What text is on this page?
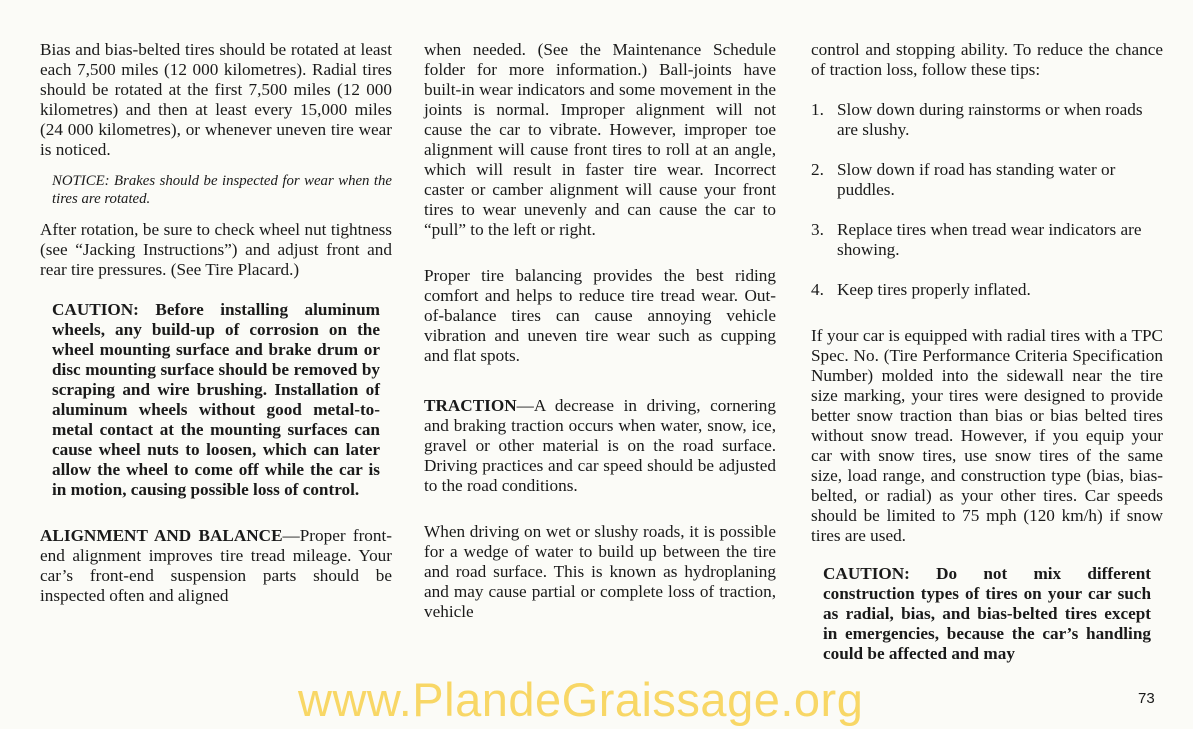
Bias and bias-belted tires should be rotated at least each 7,500 miles (12 000 kilometres). Radial tires should be rotated at the first 7,500 miles (12 000 kilometres) and then at least every 15,000 miles (24 000 kilometres), or whenever uneven tire wear is noticed.

NOTICE: Brakes should be inspected for wear when the tires are rotated.

After rotation, be sure to check wheel nut tightness (see “Jacking Instructions”) and adjust front and rear tire pressures. (See Tire Placard.)

CAUTION: Before installing aluminum wheels, any build-up of corrosion on the wheel mounting surface and brake drum or disc mounting surface should be removed by scraping and wire brushing. Installation of aluminum wheels without good metal-to-metal contact at the mounting surfaces can cause wheel nuts to loosen, which can later allow the wheel to come off while the car is in motion, causing possible loss of control.

ALIGNMENT AND BALANCE—Proper front-end alignment improves tire tread mileage. Your car’s front-end suspension parts should be inspected often and aligned

when needed. (See the Maintenance Schedule folder for more information.) Ball-joints have built-in wear indicators and some movement in the joints is normal. Improper alignment will not cause the car to vibrate. However, improper toe alignment will cause front tires to roll at an angle, which will result in faster tire wear. Incorrect caster or camber alignment will cause your front tires to wear unevenly and can cause the car to “pull” to the left or right.

Proper tire balancing provides the best riding comfort and helps to reduce tire tread wear. Out-of-balance tires can cause annoying vehicle vibration and uneven tire wear such as cupping and flat spots.

TRACTION—A decrease in driving, cornering and braking traction occurs when water, snow, ice, gravel or other material is on the road surface. Driving practices and car speed should be adjusted to the road conditions.

When driving on wet or slushy roads, it is possible for a wedge of water to build up between the tire and road surface. This is known as hydroplaning and may cause partial or complete loss of traction, vehicle

control and stopping ability. To reduce the chance of traction loss, follow these tips:

1. Slow down during rainstorms or when roads are slushy.
2. Slow down if road has standing water or puddles.
3. Replace tires when tread wear indicators are showing.
4. Keep tires properly inflated.

If your car is equipped with radial tires with a TPC Spec. No. (Tire Performance Criteria Specification Number) molded into the sidewall near the tire size marking, your tires were designed to provide better snow traction than bias or bias belted tires without snow tread. However, if you equip your car with snow tires, use snow tires of the same size, load range, and construction type (bias, bias-belted, or radial) as your other tires. Car speeds should be limited to 75 mph (120 km/h) if snow tires are used.

CAUTION: Do not mix different construction types of tires on your car such as radial, bias, and bias-belted tires except in emergencies, because the car’s handling could be affected and may

www.PlandeGraissage.org	73
